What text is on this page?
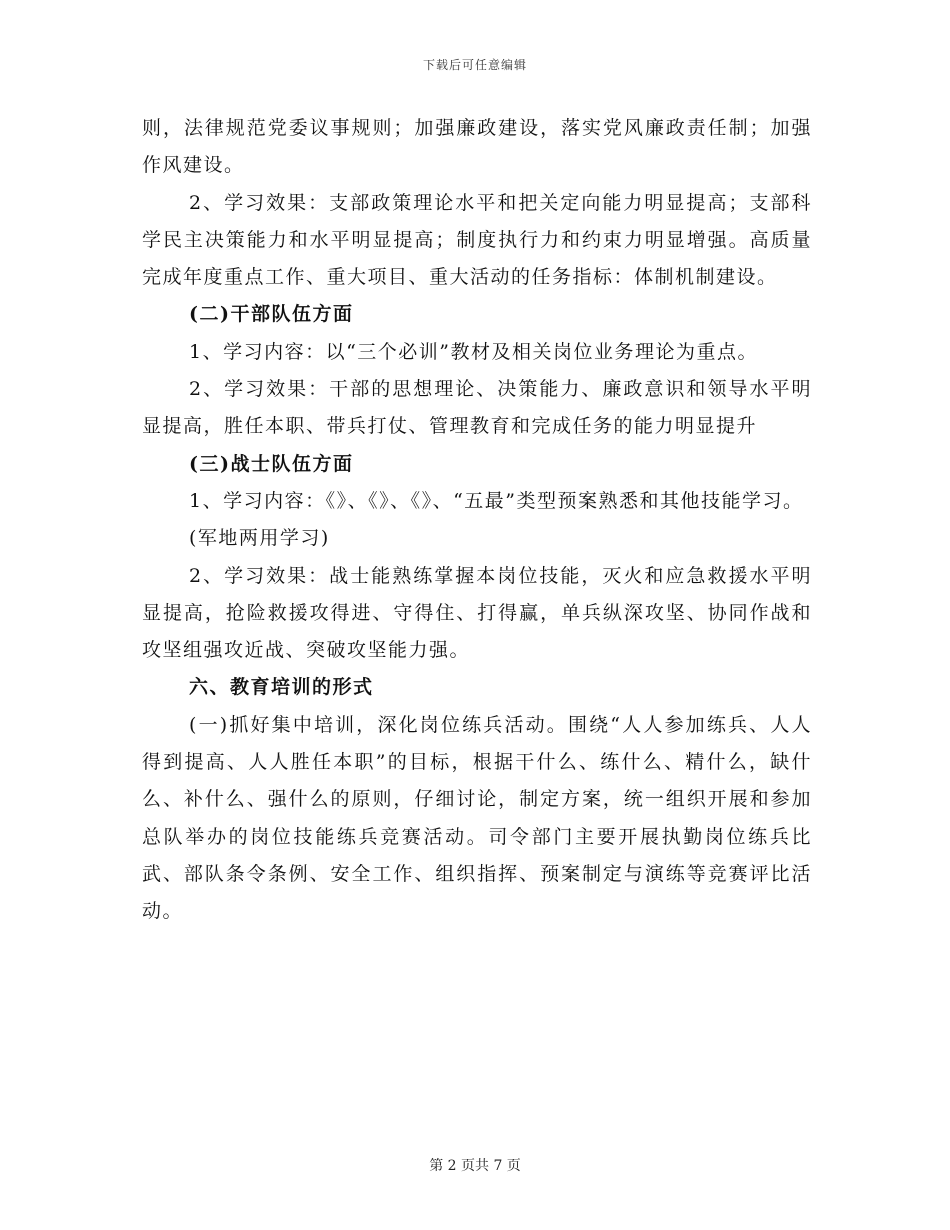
下载后可任意编辑

则，法律规范党委议事规则；加强廉政建设，落实党风廉政责任制；加强作风建设。

2、学习效果：支部政策理论水平和把关定向能力明显提高；支部科学民主决策能力和水平明显提高；制度执行力和约束力明显增强。高质量完成年度重点工作、重大项目、重大活动的任务指标：体制机制建设。

(二)干部队伍方面

1、学习内容：以“三个必训”教材及相关岗位业务理论为重点。

2、学习效果：干部的思想理论、决策能力、廉政意识和领导水平明显提高，胜任本职、带兵打仗、管理教育和完成任务的能力明显提升

(三)战士队伍方面

1、学习内容：《》、《》、《》、“五最”类型预案熟悉和其他技能学习。

(军地两用学习)

2、学习效果：战士能熟练掌握本岗位技能，灭火和应急救援水平明显提高，抢险救援攻得进、守得住、打得赢，单兵纵深攻坚、协同作战和攻坚组强攻近战、突破攻坚能力强。

六、教育培训的形式

(一)抓好集中培训，深化岗位练兵活动。围绕“人人参加练兵、人人得到提高、人人胜任本职”的目标，根据干什么、练什么、精什么，缺什么、补什么、强什么的原则，仔细讨论，制定方案，统一组织开展和参加总队举办的岗位技能练兵竞赛活动。司令部门主要开展执勤岗位练兵比武、部队条令条例、安全工作、组织指挥、预案制定与演练等竞赛评比活动。

第 2 页共 7 页
